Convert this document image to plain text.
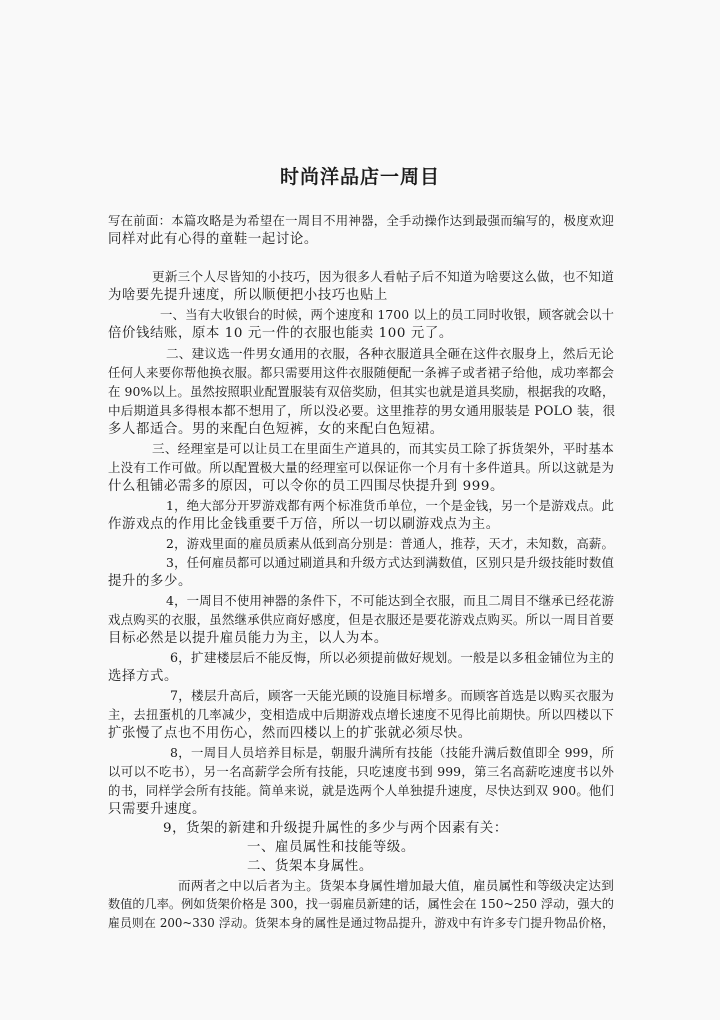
时尚洋品店一周目
写在前面：本篇攻略是为希望在一周目不用神器，全手动操作达到最强而编写的，极度欢迎
同样对此有心得的童鞋一起讨论。
更新三个人尽皆知的小技巧，因为很多人看帖子后不知道为啥要这么做，也不知道
为啥要先提升速度，所以顺便把小技巧也贴上
一、当有大收银台的时候，两个速度和 1700 以上的员工同时收银，顾客就会以十
倍价钱结账，原本 10 元一件的衣服也能卖 100 元了。
二、建议选一件男女通用的衣服，各种衣服道具全砸在这件衣服身上，然后无论
任何人来要你帮他换衣服。都只需要用这件衣服随便配一条裤子或者裙子给他，成功率都会
在 90%以上。虽然按照职业配置服装有双倍奖励，但其实也就是道具奖励，根据我的攻略，
中后期道具多得根本都不想用了，所以没必要。这里推荐的男女通用服装是 POLO 装，很
多人都适合。男的来配白色短裤，女的来配白色短裙。
三、经理室是可以让员工在里面生产道具的，而其实员工除了拆货架外，平时基本
上没有工作可做。所以配置极大量的经理室可以保证你一个月有十多件道具。所以这就是为
什么租铺必需多的原因，可以令你的员工四围尽快提升到 999。
1，绝大部分开罗游戏都有两个标准货币单位，一个是金钱，另一个是游戏点。此
作游戏点的作用比金钱重要千万倍，所以一切以刷游戏点为主。
2，游戏里面的雇员质素从低到高分别是：普通人，推荐，天才，未知数，高薪。
3，任何雇员都可以通过刷道具和升级方式达到满数值，区别只是升级技能时数值
提升的多少。
4，一周目不使用神器的条件下，不可能达到全衣服，而且二周目不继承已经花游
戏点购买的衣服，虽然继承供应商好感度，但是衣服还是要花游戏点购买。所以一周目首要
目标必然是以提升雇员能力为主，以人为本。
6，扩建楼层后不能反悔，所以必须提前做好规划。一般是以多租金铺位为主的
选择方式。
7，楼层升高后，顾客一天能光顾的设施目标增多。而顾客首选是以购买衣服为
主，去扭蛋机的几率减少，变相造成中后期游戏点增长速度不见得比前期快。所以四楼以下
扩张慢了点也不用伤心，然而四楼以上的扩张就必须尽快。
8，一周目人员培养目标是，朝服升满所有技能（技能升满后数值即全 999，所
以可以不吃书），另一名高薪学会所有技能，只吃速度书到 999，第三名高薪吃速度书以外
的书，同样学会所有技能。简单来说，就是选两个人单独提升速度，尽快达到双 900。他们
只需要升速度。
9，货架的新建和升级提升属性的多少与两个因素有关：
一、雇员属性和技能等级。
二、货架本身属性。
而两者之中以后者为主。货架本身属性增加最大值，雇员属性和等级决定达到
数值的几率。例如货架价格是 300，找一弱雇员新建的话，属性会在 150~250 浮动，强大的
雇员则在 200~330 浮动。货架本身的属性是通过物品提升，游戏中有许多专门提升物品价格，
